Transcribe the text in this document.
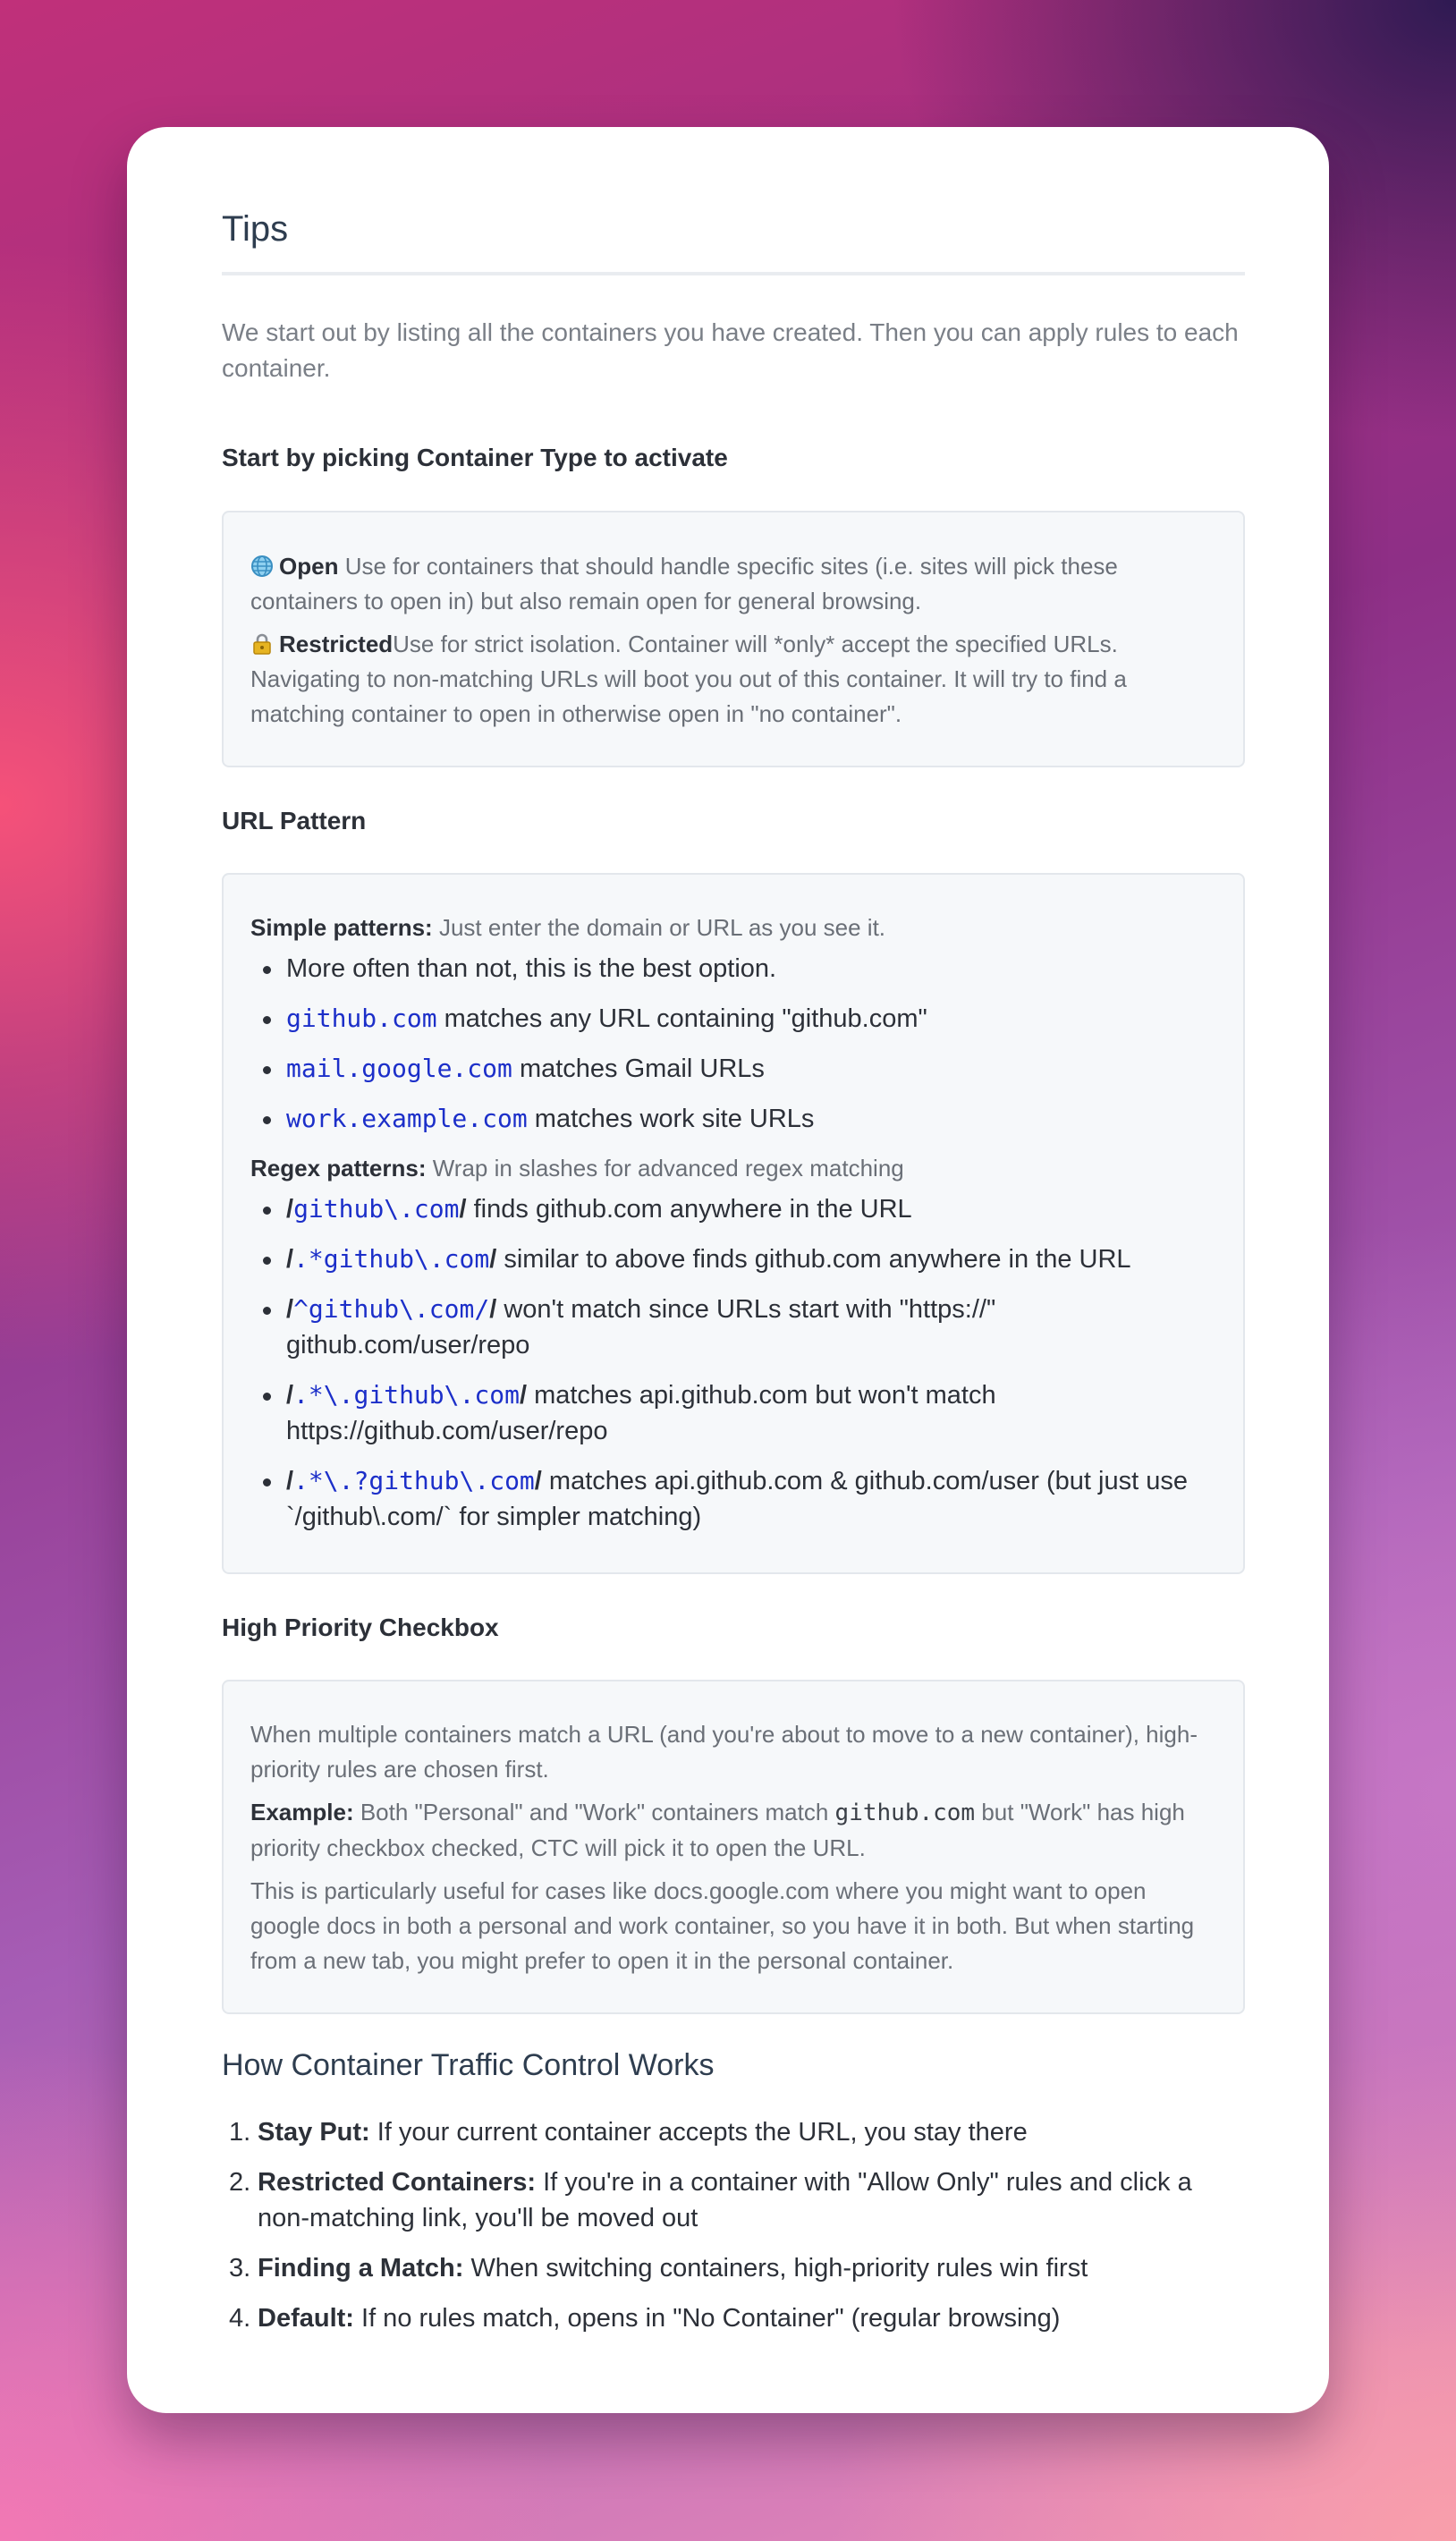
Tips

We start out by listing all the containers you have created. Then you can apply rules to each container.

Start by picking Container Type to activate

Open Use for containers that should handle specific sites (i.e. sites will pick these containers to open in) but also remain open for general browsing.

RestrictedUse for strict isolation. Container will *only* accept the specified URLs. Navigating to non-matching URLs will boot you out of this container. It will try to find a matching container to open in otherwise open in "no container".

URL Pattern

Simple patterns: Just enter the domain or URL as you see it.

More often than not, this is the best option.
github.com matches any URL containing "github.com"
mail.google.com matches Gmail URLs
work.example.com matches work site URLs

Regex patterns: Wrap in slashes for advanced regex matching

/github\.com/ finds github.com anywhere in the URL
/.*github\.com/ similar to above finds github.com anywhere in the URL
/^github\.com// won't match since URLs start with "https://" github.com/user/repo
/.*\.github\.com/ matches api.github.com but won't match https://github.com/user/repo
/.*\.?github\.com/ matches api.github.com & github.com/user (but just use `/github\.com/` for simpler matching)
High Priority Checkbox

When multiple containers match a URL (and you're about to move to a new container), high-priority rules are chosen first.

Example: Both "Personal" and "Work" containers match github.com but "Work" has high priority checkbox checked, CTC will pick it to open the URL.

This is particularly useful for cases like docs.google.com where you might want to open google docs in both a personal and work container, so you have it in both. But when starting from a new tab, you might prefer to open it in the personal container.

How Container Traffic Control Works
1. Stay Put: If your current container accepts the URL, you stay there
2. Restricted Containers: If you're in a container with "Allow Only" rules and click a non-matching link, you'll be moved out
3. Finding a Match: When switching containers, high-priority rules win first
4. Default: If no rules match, opens in "No Container" (regular browsing)
